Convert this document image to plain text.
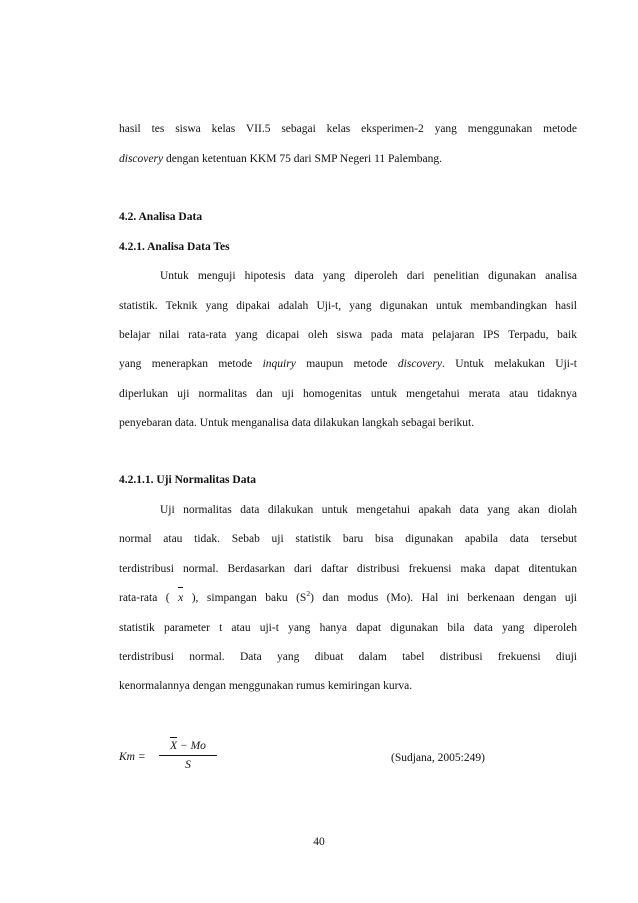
hasil tes siswa kelas VII.5 sebagai kelas eksperimen-2 yang menggunakan metode
discovery dengan ketentuan KKM 75 dari SMP Negeri 11 Palembang.
4.2. Analisa Data
4.2.1. Analisa Data Tes
Untuk menguji hipotesis data yang diperoleh dari penelitian digunakan analisa
statistik. Teknik yang dipakai adalah Uji-t, yang digunakan untuk membandingkan hasil
belajar nilai rata-rata yang dicapai oleh siswa pada mata pelajaran IPS Terpadu, baik
yang menerapkan metode inquiry maupun metode discovery. Untuk melakukan Uji-t
diperlukan uji normalitas dan uji homogenitas untuk mengetahui merata atau tidaknya
penyebaran data. Untuk menganalisa data dilakukan langkah sebagai berikut.
4.2.1.1. Uji Normalitas Data
Uji normalitas data dilakukan untuk mengetahui apakah data yang akan diolah
normal atau tidak. Sebab uji statistik baru bisa digunakan apabila data tersebut
terdistribusi normal. Berdasarkan dari daftar distribusi frekuensi maka dapat ditentukan
rata-rata ( x ), simpangan baku $(S^2)$ dan modus (Mo). Hal ini berkenaan dengan uji
statistik parameter t atau uji-t yang hanya dapat digunakan bila data yang diperoleh
terdistribusi normal. Data yang dibuat dalam tabel distribusi frekuensi diuji
kenormalannya dengan menggunakan rumus kemiringan kurva.
Km =
X − Mo
S
(Sudjana, 2005:249)
40
